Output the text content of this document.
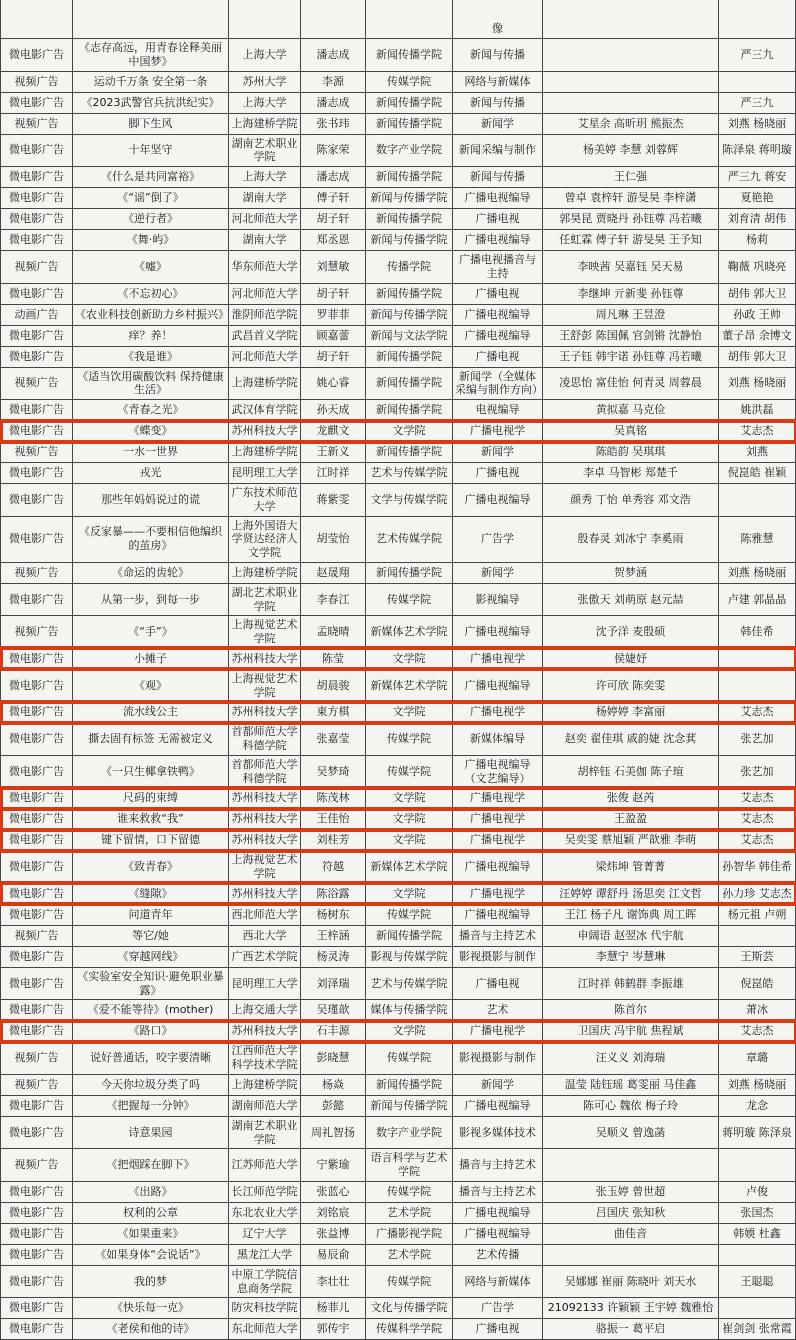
					像		
微电影广告	《志存高远，用青春诠释美丽中国梦》	上海大学	潘志成	新闻传播学院	新闻与传播		严三九
视频广告	运动千万条 安全第一条	苏州大学	李源	传媒学院	网络与新媒体		
微电影广告	《2023武警官兵抗洪纪实》	上海大学	潘志成	新闻传播学院	新闻与传播		严三九
视频广告	脚下生风	上海建桥学院	张书玮	新闻传播学院	新闻学	艾星余 高昕玥 熊振杰	刘燕 杨晓丽
微电影广告	十年坚守	湖南艺术职业学院	陈家荣	数字产业学院	新闻采编与制作	杨美婷 李慧 刘蓉辉	陈泽泉 蒋明璇
微电影广告	《什么是共同富裕》	上海大学	潘志成	新闻传播学院	新闻与传播	王仁强	严三九 蒋安
微电影广告	《“谣”倒了》	湖南大学	傅子轩	新闻与传播学院	广播电视编导	曾卓 袁梓轩 游旻昊 李梓潇	夏艳艳
微电影广告	《逆行者》	河北师范大学	胡子轩	新闻传播学院	广播电视	郭昊昆 贾晓丹 孙钰尊 冯若曦	刘育清 胡伟
微电影广告	《舞·屿》	湖南大学	郑丞恩	新闻与传播学院	广播电视编导	任虹霖 傅子轩 游旻昊 王予知	杨莉
视频广告	《嘘》	华东师范大学	刘慧敏	传播学院	广播电视播音与主持	李映茜 吴嘉钰 吴天易	鞠薇 巩晓亮
微电影广告	《不忘初心》	河北师范大学	胡子轩	新闻传播学院	广播电视	李继坤 亓新斐 孙钰尊	胡伟 郭大卫
动画广告	《农业科技创新助力乡村振兴》	淮阴师范学院	罗菲菲	新闻与传播学院	广播电视编导	周凡琳 王昱澄	孙政 王帅
微电影广告	痒？养！	武昌首义学院	顾嘉蕾	新闻与文法学院	广播电视编导	王舒彭 陈国佩 官剑锵 沈静怡	董子昂 余博文
微电影广告	《我是谁》	河北师范大学	胡子轩	新闻传播学院	广播电视	王子钰 韩宇诺 孙钰尊 冯若曦	胡伟 郭大卫
视频广告	《适当饮用碳酸饮料 保持健康生活》	上海建桥学院	姚心睿	新闻传播学院	新闻学（全媒体采编与制作方向）	凌思怡 富佳怡 何青灵 周蓉晨	刘燕 杨晓丽
微电影广告	《青春之光》	武汉体育学院	孙天成	新闻传播学院	电视编导	黄拟嘉 马克俭	姚洪磊
微电影广告	《蝶变》	苏州科技大学	龙麒文	文学院	广播电视学	吴真铭	艾志杰
视频广告	一水一世界	上海建桥学院	王新义	新闻传播学院	新闻学	陈皓韵 吴琪琪	刘燕
微电影广告	戎光	昆明理工大学	江时祥	艺术与传媒学院	广播电视	李卓 马智彬 郑楚千	倪崑皓 崔颖
微电影广告	那些年妈妈说过的谎	广东技术师范大学	蒋紫雯	文学与传媒学院	广播电视编导	颜秀 丁怡 单秀容 邓文浩	
微电影广告	《反家暴——不要相信他编织的茧房》	上海外国语大学贤达经济人文学院	胡莹怡	艺术传媒学院	广告学	殷春灵 刘冰宁 李奚雨	陈雅慧
视频广告	《命运的齿轮》	上海建桥学院	赵晟翔	新闻传播学院	新闻学	贺梦涵	刘燕 杨晓丽
微电影广告	从第一步，到每一步	湖北艺术职业学院	李春江	传媒学院	影视编导	张傲天 刘萌原 赵元喆	卢建 郭晶晶
视频广告	《“手”》	上海视觉艺术学院	孟晓晴	新媒体艺术学院	广播电视编导	沈予洋 麦殷硕	韩佳希
微电影广告	小摊子	苏州科技大学	陈莹	文学院	广播电视学	侯婕妤	
微电影广告	《观》	上海视觉艺术学院	胡晨骏	新媒体艺术学院	广播电视编导	许可欣 陈奕雯	
微电影广告	流水线公主	苏州科技大学	東方棋	文学院	广播电视学	杨婷婷 李富丽	艾志杰
微电影广告	撕去固有标签 无需被定义	首都师范大学科德学院	张嘉莹	传媒学院	新媒体编导	赵奕 翟佳琪 戚韵婕 沈念萁	张艺加
微电影广告	《一只生椰拿铁鸭》	首都师范大学科德学院	吴梦琦	传媒学院	广播电视编导（文艺编导）	胡梓钰 石美伽 陈子瑄	张艺加
微电影广告	尺码的束缚	苏州科技大学	陈茂林	文学院	广播电视学	张俊 赵芮	艾志杰
微电影广告	谁来救救“我”	苏州科技大学	王佳怡	文学院	广播电视学	王盈盈	艾志杰
微电影广告	键下留情，口下留德	苏州科技大学	刘桂芳	文学院	广播电视学	吴奕雯 蔡旭颖 严歆雅 李萌	艾志杰
微电影广告	《致青春》	上海视觉艺术学院	符越	新媒体艺术学院	广播电视编导	梁炜坤 管菁菁	孙智华 韩佳希
微电影广告	《缝隙》	苏州科技大学	陈浴露	文学院	广播电视学	汪婷婷 谭舒丹 汤思奕 江文哲	孙力珍 艾志杰
微电影广告	问道青年	西北师范大学	杨树东	传媒学院	广播电视编导	王江 杨子凡 谢饰典 周工晖	杨元祖 卢朔
视频广告	等它/她	西北大学	王梓涵	新闻传播学院	播音与主持艺术	申阔语 赵翌冰 代宇航	
微电影广告	《穿越网线》	广西艺术学院	杨灵涛	影视与传媒学院	影视摄影与制作	李慧宁 岑慧琳	王斯芸
微电影广告	《实验室安全知识·避免职业暴露》	昆明理工大学	刘泽瑞	艺术与传媒学院	广播电视	江时祥 韩鹤群 李振雄	倪崑皓
微电影广告	《爱不能等待》(mother)	上海交通大学	吴瑾歆	媒体与传播学院	艺术	陈首尔	萧冰
微电影广告	《路口》	苏州科技大学	石丰源	文学院	广播电视学	卫国庆 冯宇航 焦程斌	艾志杰
视频广告	说好普通话，咬字要清晰	江西师范大学科学技术学院	彭晓慧	传媒学院	影视摄影与制作	汪义义 刘海瑞	章璐
视频广告	今天你垃圾分类了吗	上海建桥学院	杨焱	新闻传播学院	新闻学	温莹 陆钰瑶 葛雯丽 马佳鑫	刘燕 杨晓丽
微电影广告	《把握每一分钟》	湖南师范大学	彭懿	新闻与传播学院	广播电视编导	陈可心 魏依 梅子玲	龙念
微电影广告	诗意果园	湖南艺术职业学院	周礼智扬	数字产业学院	影视多媒体技术	吴顺义 曾逸菡	蒋明璇 陈泽泉
视频广告	《把烟踩在脚下》	江苏师范大学	宁紫瑜	语言科学与艺术学院	播音与主持艺术		
微电影广告	《出路》	长江师范学院	张蓝心	传媒学院	播音与主持艺术	张玉婷 曾世超	卢俊
微电影广告	权利的公章	东北农业大学	刘铭宸	艺术学院	广播电视编导	吕国庆 张知秋	张国杰
微电影广告	《如果重来》	辽宁大学	张益博	广播影视学院	广播电视编导	曲佳音	韩媆 杜鑫
微电影广告	《如果身体“会说话”》	黑龙江大学	易辰俞	艺术学院	艺术传播		
微电影广告	我的梦	中原工学院信息商务学院	李壮壮	传媒学院	网络与新媒体	吴娜娜 崔丽 陈晓叶 刘天水	王聪聪
微电影广告	《快乐每一克》	防灾科技学院	杨菲儿	文化与传播学院	广告学	21092133 许颖颖 王宇婷 魏雅怡	
微电影广告	《老侯和他的诗》	东北师范大学	郭传宇	传媒科学学院	广播电视	骆振一 葛平启	崔剑剑 张常霞
